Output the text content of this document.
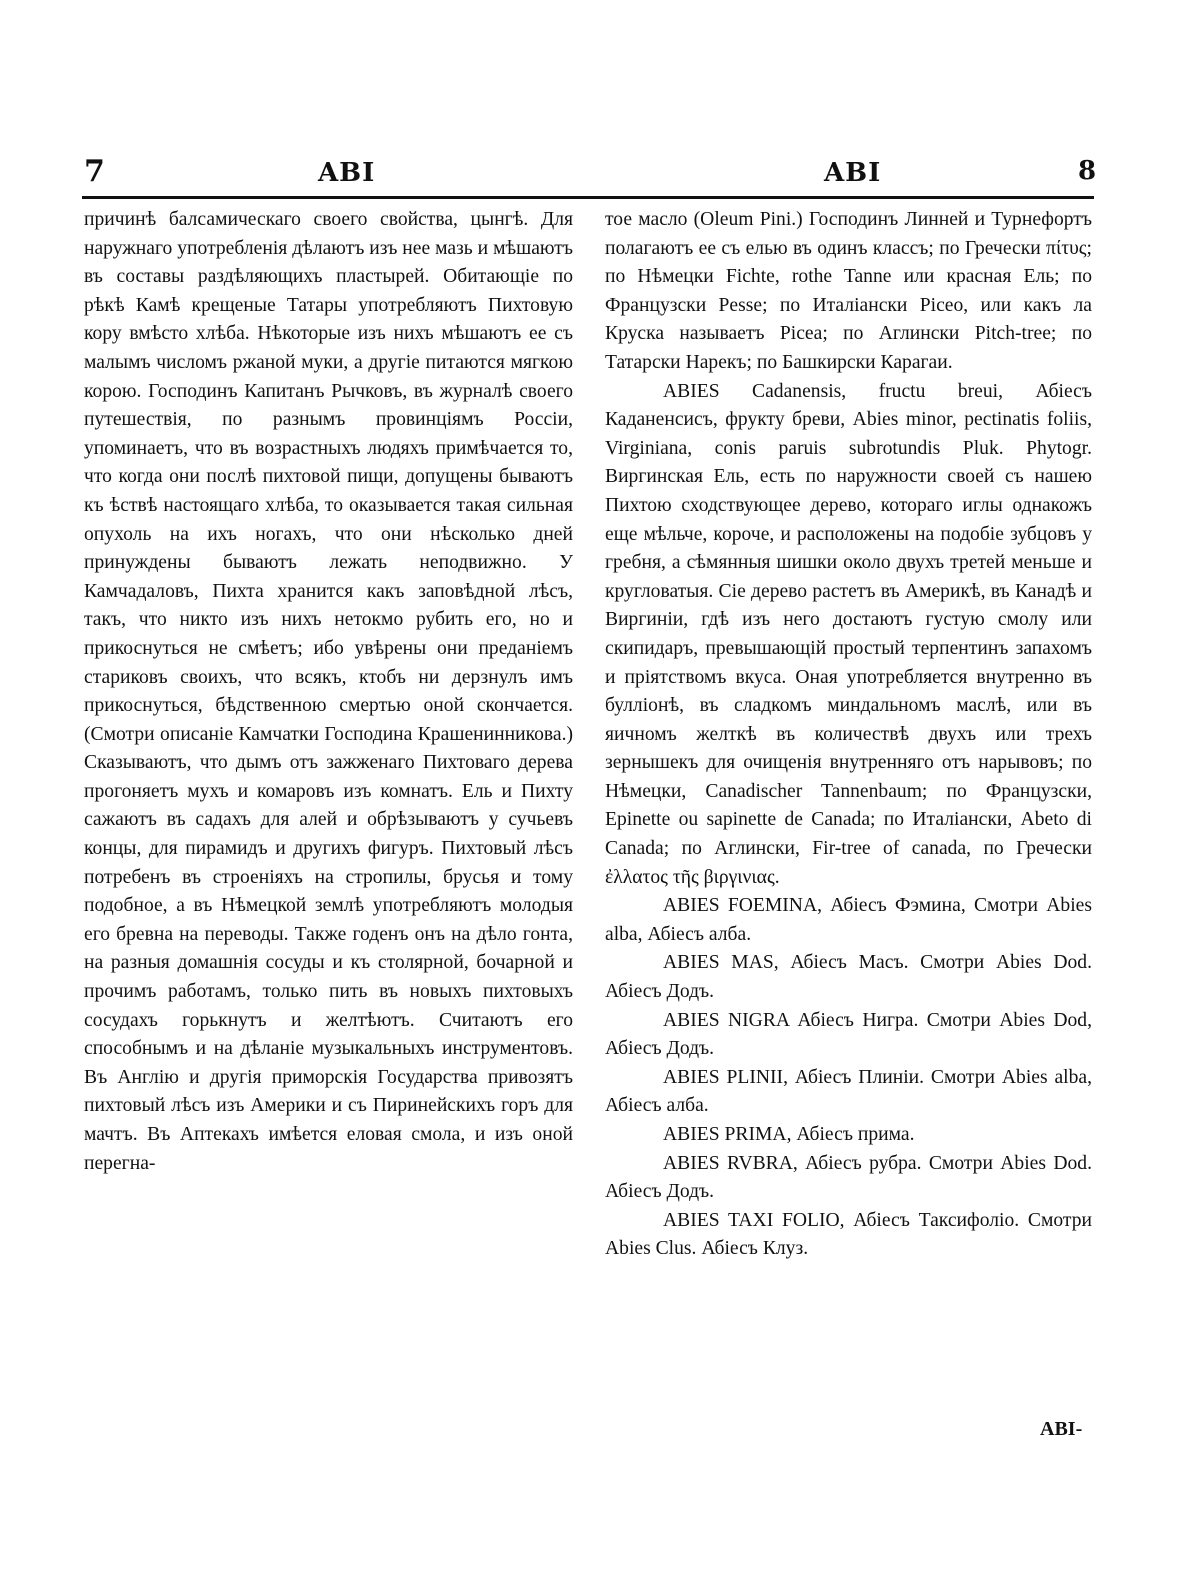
7	ABI	ABI	8

причинѣ балсамическаго своего свойства, цынгѣ. Для наружнаго употребленія дѣлаютъ изъ нее мазь и мѣшаютъ въ составы раздѣляющихъ пластырей. Обитающіе по рѣкѣ Камѣ крещеные Татары употребляютъ Пихтовую кору вмѣсто хлѣба. Нѣкоторые изъ нихъ мѣшаютъ ее съ малымъ числомъ ржаной муки, а другіе питаются мягкою корою. Господинъ Капитанъ Рычковъ, въ журналѣ своего путешествія, по разнымъ провинціямъ Россіи, упоминаетъ, что въ возрастныхъ людяхъ примѣчается то, что когда они послѣ пихтовой пищи, допущены бываютъ къ ѣствѣ настоящаго хлѣба, то оказывается такая сильная опухоль на ихъ ногахъ, что они нѣсколько дней принуждены бываютъ лежать неподвижно. У Камчадаловъ, Пихта хранится какъ заповѣдной лѣсъ, такъ, что никто изъ нихъ нетокмо рубить его, но и прикоснуться не смѣетъ; ибо увѣрены они преданіемъ стариковъ своихъ, что всякъ, ктобъ ни дерзнулъ имъ прикоснуться, бѣдственною смертью оной скончается. (Смотри описаніе Камчатки Господина Крашенинникова.) Сказываютъ, что дымъ отъ зажженаго Пихтоваго дерева прогоняетъ мухъ и комаровъ изъ комнатъ. Ель и Пихту сажаютъ въ садахъ для алей и обрѣзываютъ у сучьевъ концы, для пирамидъ и другихъ фигуръ. Пихтовый лѣсъ потребенъ въ строеніяхъ на стропилы, брусья и тому подобное, а въ Нѣмецкой землѣ употребляютъ молодыя его бревна на переводы. Также годенъ онъ на дѣло гонта, на разныя домашнія сосуды и къ столярной, бочарной и прочимъ работамъ, только пить въ новыхъ пихтовыхъ сосудахъ горькнутъ и желтѣютъ. Считаютъ его способнымъ и на дѣланіе музыкальныхъ инструментовъ. Въ Англію и другія приморскія Государства привозятъ пихтовый лѣсъ изъ Америки и съ Пиринейскихъ горъ для мачтъ. Въ Аптекахъ имѣется еловая смола, и изъ оной перегна-

тое масло (Oleum Pini.) Господинъ Линней и Турнефортъ полагаютъ ее съ елью въ одинъ классъ; по Гречески πίτυς; по Нѣмецки Fichte, rothe Tanne или красная Ель; по Французски Pesse; по Италіански Piceo, или какъ ла Круска называетъ Picea; по Аглински Pitch-tree; по Татарски Нарекъ; по Башкирски Карагаи.

ABIES Cadanensis, fructu breui, Абіесъ Каданенсисъ, фрукту бреви, Abies minor, pectinatis foliis, Virginiana, conis paruis subrotundis Pluk. Phytogr. Виргинская Ель, есть по наружности своей съ нашею Пихтою сходствующее дерево, котораго иглы однакожъ еще мѣльче, короче, и расположены на подобіе зубцовъ у гребня, а сѣмянныя шишки около двухъ третей меньше и кругловатыя. Сіе дерево растетъ въ Америкѣ, въ Канадѣ и Виргиніи, гдѣ изъ него достаютъ густую смолу или скипидаръ, превышающій простый терпентинъ запахомъ и пріятствомъ вкуса. Оная употребляется внутренно въ булліонѣ, въ сладкомъ миндальномъ маслѣ, или въ яичномъ желткѣ въ количествѣ двухъ или трехъ зернышекъ для очищенія внутренняго отъ нарывовъ; по Нѣмецки, Canadischer Tannenbaum; по Французски, Epinette ou sapinette de Canada; по Италіански, Abeto di Canada; по Аглински, Fir-tree of canada, по Гречески ἐλλατος τῆς βιργινιας.

ABIES FOEMINA, Абіесъ Фэмина, Смотри Abies alba, Абіесъ алба.

ABIES MAS, Абіесъ Масъ. Смотри Abies Dod. Абіесъ Додъ.

ABIES NIGRA Абіесъ Нигра. Смотри Abies Dod, Абіесъ Додъ.

ABIES PLINII, Абіесъ Плиніи. Смотри Abies alba, Абіесъ алба.

ABIES PRIMA, Абіесъ прима.

ABIES RVBRA, Абіесъ рубра. Смотри Abies Dod. Абіесъ Додъ.

ABIES TAXI FOLIO, Абіесъ Таксифоліо. Смотри Abies Clus. Абіесъ Клуз.

ABI-
